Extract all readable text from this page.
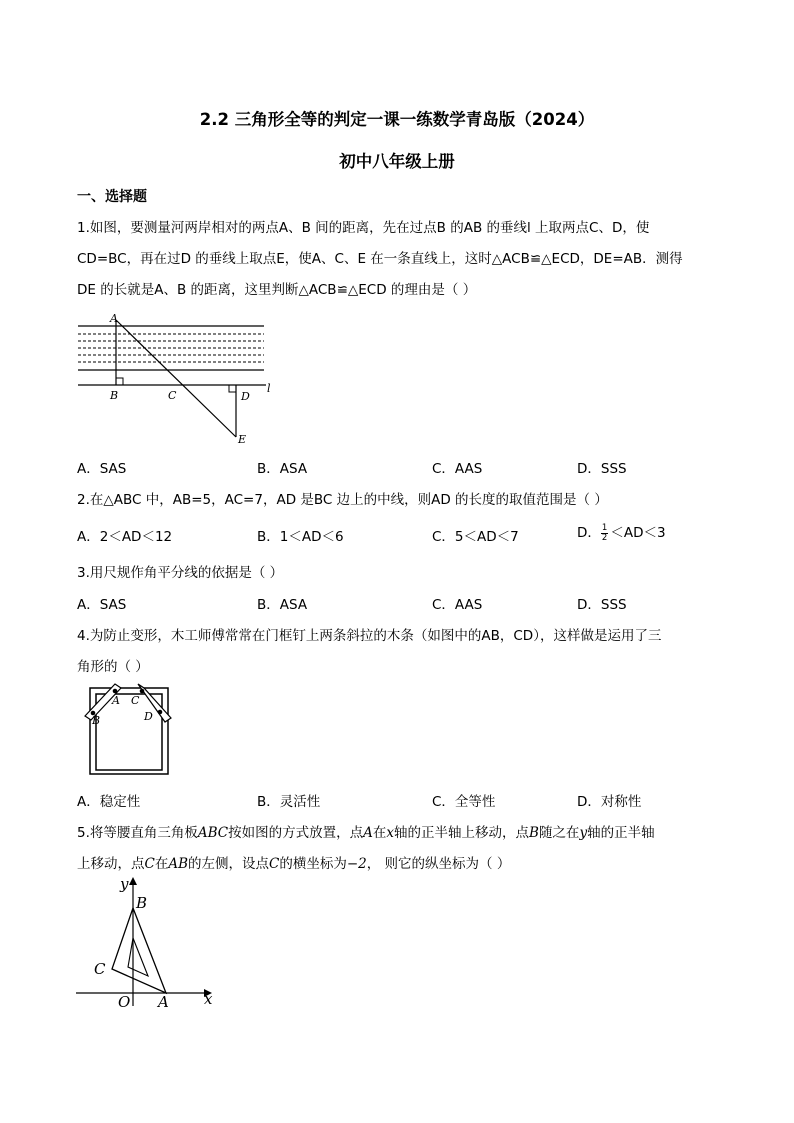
2.2 三角形全等的判定一课一练数学青岛版（2024）
初中八年级上册
一、选择题
1.如图，要测量河两岸相对的两点A、B 间的距离，先在过点B 的AB 的垂线l 上取两点C、D，使
CD=BC，再在过D 的垂线上取点E，使A、C、E 在一条直线上，这时△ACB≌△ECD，DE=AB．测得
DE 的长就是A、B 的距离，这里判断△ACB≌△ECD 的理由是（ ）
A
B	C	D
E
l
A．SAS	B．ASA	C．AAS	D．SSS
2.在△ABC 中，AB=5，AC=7，AD 是BC 边上的中线，则AD 的长度的取值范围是（ ）
A．2＜AD＜12	B．1＜AD＜6	C．5＜AD＜7	D． $\frac{1}{2} <AD<3$
3.用尺规作角平分线的依据是（ ）
A．SAS	B．ASA	C．AAS	D．SSS
4.为防止变形，木工师傅常常在门框钉上两条斜拉的木条（如图中的AB，CD），这样做是运用了三
角形的（ ）
A
B
C
D
A．稳定性	B．灵活性	C．全等性	D．对称性
5.将等腰直角三角板ABC按如图的方式放置，点A在x轴的正半轴上移动，点B随之在y轴的正半轴
上移动，点C在AB的左侧，设点C的横坐标为−2， 则它的纵坐标为（ ）
y
x
B
C
O A
